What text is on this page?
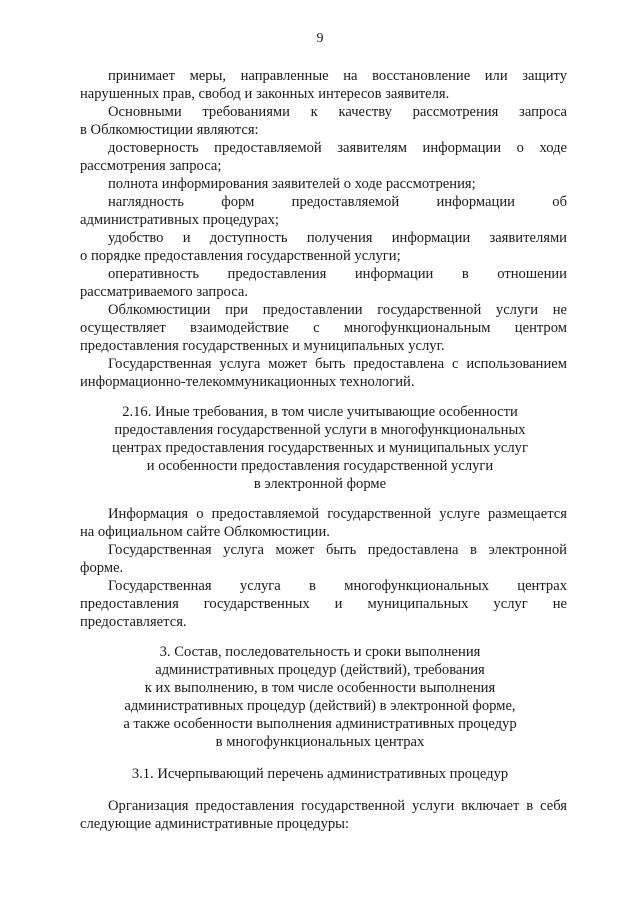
9
принимает меры, направленные на восстановление или защиту
нарушенных прав, свобод и законных интересов заявителя.
Основными требованиями к качеству рассмотрения запроса
в Облкомюстиции являются:
достоверность предоставляемой заявителям информации о ходе
рассмотрения запроса;
полнота информирования заявителей о ходе рассмотрения;
наглядность форм предоставляемой информации об
административных процедурах;
удобство и доступность получения информации заявителями
о порядке предоставления государственной услуги;
оперативность предоставления информации в отношении
рассматриваемого запроса.
Облкомюстиции при предоставлении государственной услуги не
осуществляет взаимодействие с многофункциональным центром
предоставления государственных и муниципальных услуг.
Государственная услуга может быть предоставлена с использованием
информационно-телекоммуникационных технологий.
2.16. Иные требования, в том числе учитывающие особенности
предоставления государственной услуги в многофункциональных
центрах предоставления государственных и муниципальных услуг
и особенности предоставления государственной услуги
в электронной форме
Информация о предоставляемой государственной услуге размещается
на официальном сайте Облкомюстиции.
Государственная услуга может быть предоставлена в электронной
форме.
Государственная услуга в многофункциональных центрах
предоставления государственных и муниципальных услуг не
предоставляется.
3. Состав, последовательность и сроки выполнения
административных процедур (действий), требования
к их выполнению, в том числе особенности выполнения
административных процедур (действий) в электронной форме,
а также особенности выполнения административных процедур
в многофункциональных центрах
3.1. Исчерпывающий перечень административных процедур
Организация предоставления государственной услуги включает в себя
следующие административные процедуры:
